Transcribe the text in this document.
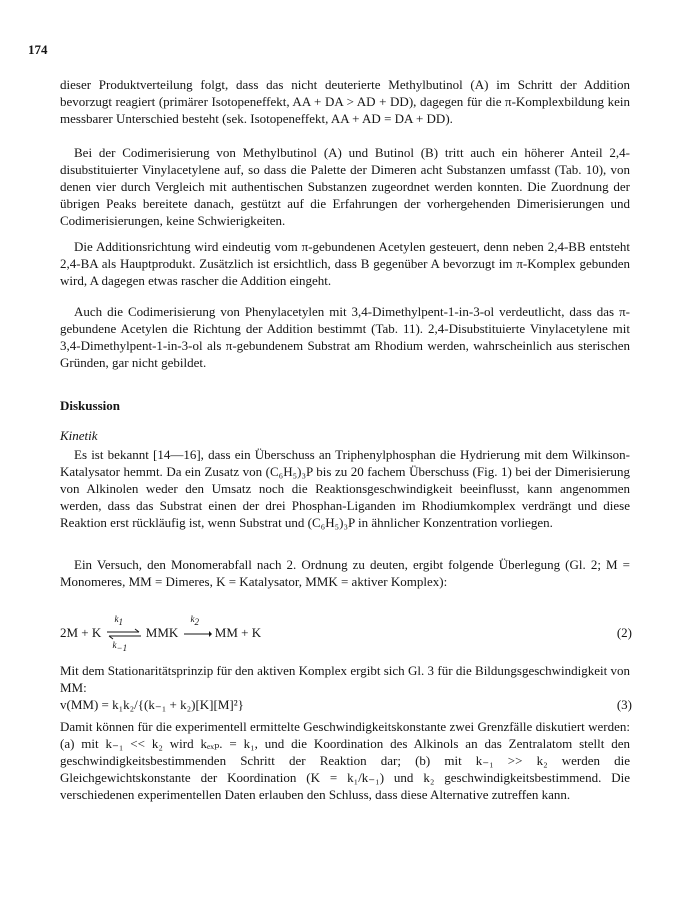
174

dieser Produktverteilung folgt, dass das nicht deuterierte Methylbutinol (A) im Schritt der Addition bevorzugt reagiert (primärer Isotopeneffekt, AA + DA > AD + DD), dagegen für die π-Komplexbildung kein messbarer Unterschied besteht (sek. Isotopeneffekt, AA + AD = DA + DD).

Bei der Codimerisierung von Methylbutinol (A) und Butinol (B) tritt auch ein höherer Anteil 2,4-disubstituierter Vinylacetylene auf, so dass die Palette der Dimeren acht Substanzen umfasst (Tab. 10), von denen vier durch Vergleich mit authentischen Substanzen zugeordnet werden konnten. Die Zuordnung der übrigen Peaks bereitete danach, gestützt auf die Erfahrungen der vorhergehenden Dimerisierungen und Codimerisierungen, keine Schwierigkeiten.

Die Additionsrichtung wird eindeutig vom π-gebundenen Acetylen gesteuert, denn neben 2,4-BB entsteht 2,4-BA als Hauptprodukt. Zusätzlich ist ersichtlich, dass B gegenüber A bevorzugt im π-Komplex gebunden wird, A dagegen etwas rascher die Addition eingeht.

Auch die Codimerisierung von Phenylacetylen mit 3,4-Dimethylpent-1-in-3-ol verdeutlicht, dass das π-gebundene Acetylen die Richtung der Addition bestimmt (Tab. 11). 2,4-Disubstituierte Vinylacetylene mit 3,4-Dimethylpent-1-in-3-ol als π-gebundenem Substrat am Rhodium werden, wahrscheinlich aus sterischen Gründen, gar nicht gebildet.

Diskussion
Kinetik

Es ist bekannt [14—16], dass ein Überschuss an Triphenylphosphan die Hydrierung mit dem Wilkinson-Katalysator hemmt. Da ein Zusatz von (C₆H₅)₃P bis zu 20 fachem Überschuss (Fig. 1) bei der Dimerisierung von Alkinolen weder den Umsatz noch die Reaktionsgeschwindigkeit beeinflusst, kann angenommen werden, dass das Substrat einen der drei Phosphan-Liganden im Rhodiumkomplex verdrängt und diese Reaktion erst rückläufig ist, wenn Substrat und (C₆H₅)₃P in ähnlicher Konzentration vorliegen.

Ein Versuch, den Monomerabfall nach 2. Ordnung zu deuten, ergibt folgende Überlegung (Gl. 2; M = Monomeres, MM = Dimeres, K = Katalysator, MMK = aktiver Komplex):

2M + K
$k_1$
$k_{-1}$
MMK
$k_2$
MM + K	(2)

Mit dem Stationaritätsprinzip für den aktiven Komplex ergibt sich Gl. 3 für die Bildungsgeschwindigkeit von MM:

v(MM) = k₁k₂/{(k₋₁ + k₂)[K][M]²}	(3)

Damit können für die experimentell ermittelte Geschwindigkeitskonstante zwei Grenzfälle diskutiert werden: (a) mit k₋₁ << k₂ wird kₑₓₚ. = k₁, und die Koordination des Alkinols an das Zentralatom stellt den geschwindigkeitsbestimmenden Schritt der Reaktion dar; (b) mit k₋₁ >> k₂ werden die Gleichgewichtskonstante der Koordination (K = k₁/k₋₁) und k₂ geschwindigkeitsbestimmend. Die verschiedenen experimentellen Daten erlauben den Schluss, dass diese Alternative zutreffen kann.
